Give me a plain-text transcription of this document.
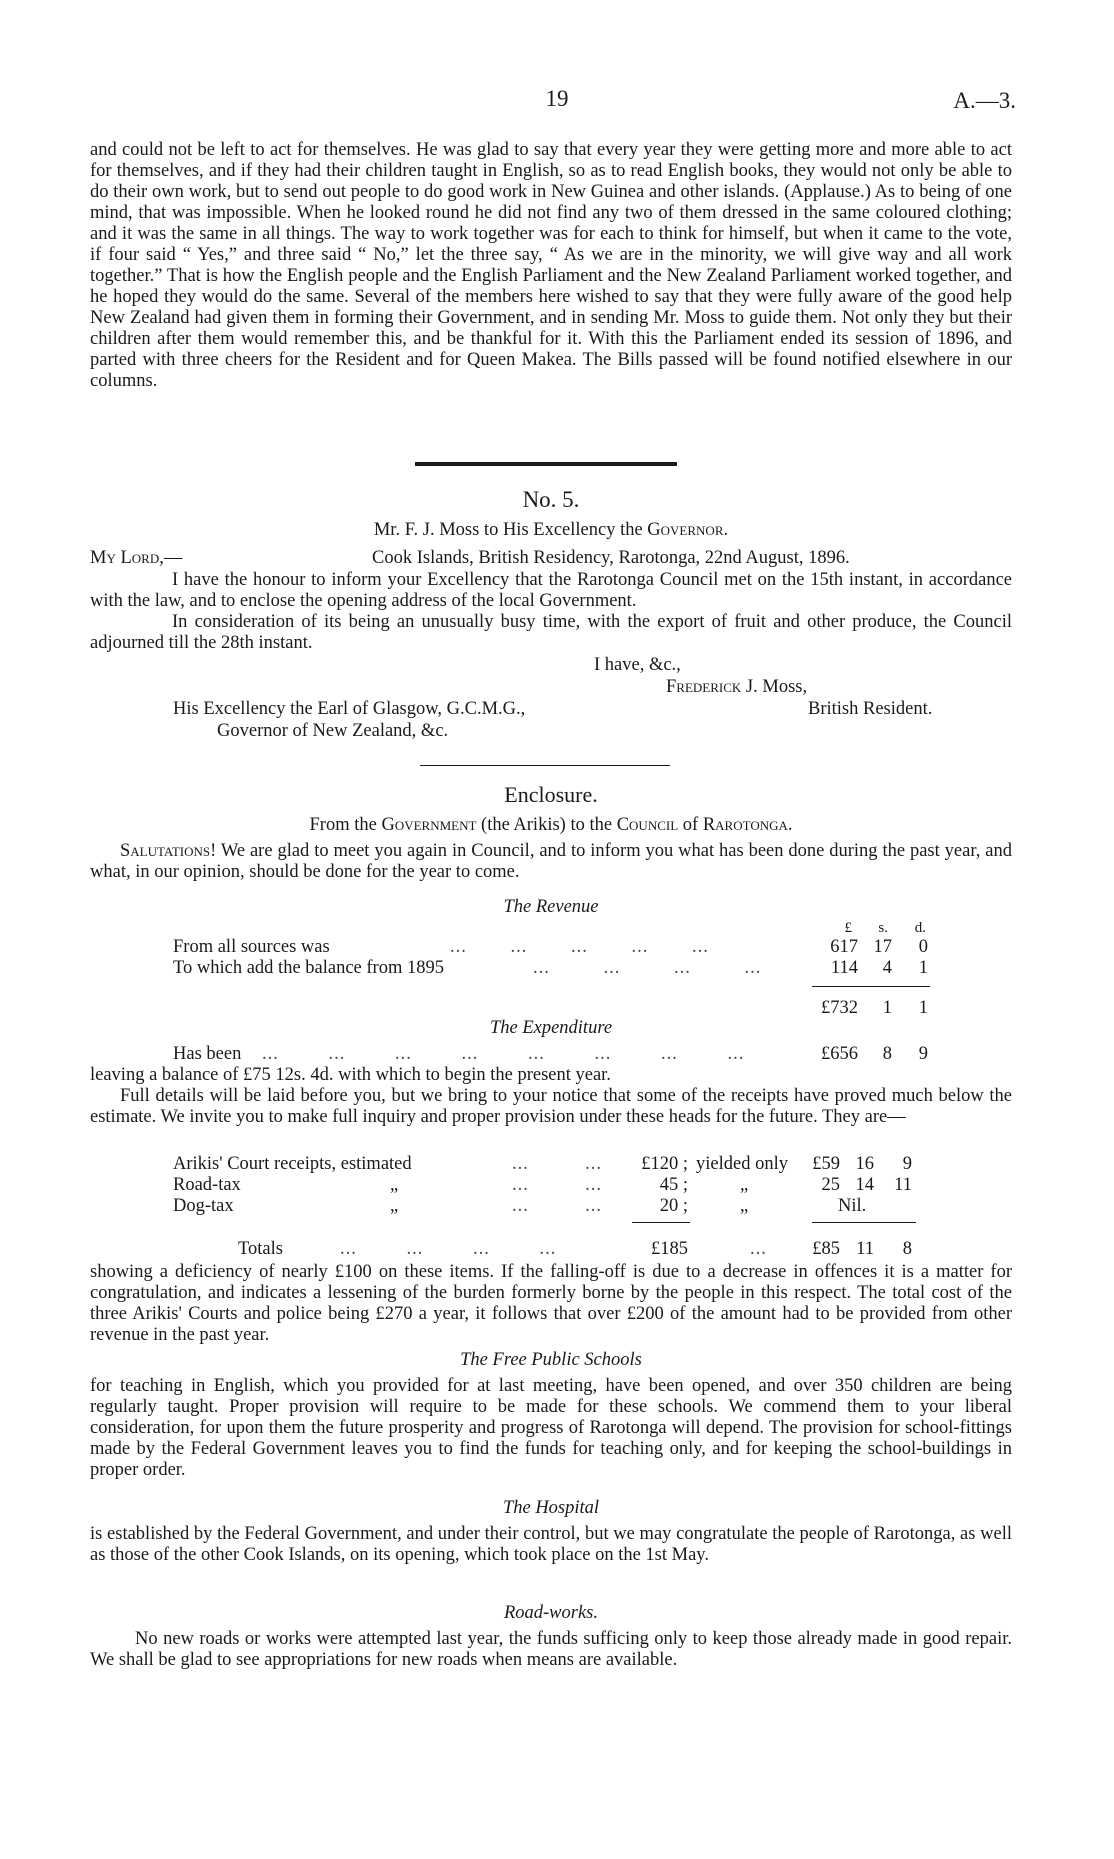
19	A.—3.

and could not be left to act for themselves. He was glad to say that every year they were getting more and more able to act for themselves, and if they had their children taught in English, so as to read English books, they would not only be able to do their own work, but to send out people to do good work in New Guinea and other islands. (Applause.) As to being of one mind, that was impossible. When he looked round he did not find any two of them dressed in the same coloured clothing; and it was the same in all things. The way to work together was for each to think for himself, but when it came to the vote, if four said “ Yes,” and three said “ No,” let the three say, “ As we are in the minority, we will give way and all work together.” That is how the English people and the English Parliament and the New Zealand Parliament worked together, and he hoped they would do the same. Several of the members here wished to say that they were fully aware of the good help New Zealand had given them in forming their Government, and in sending Mr. Moss to guide them. Not only they but their children after them would remember this, and be thankful for it. With this the Parliament ended its session of 1896, and parted with three cheers for the Resident and for Queen Makea. The Bills passed will be found notified elsewhere in our columns.

No. 5.
Mr. F. J. Moss to His Excellency the Governor.
My Lord,—	Cook Islands, British Residency, Rarotonga, 22nd August, 1896.

I have the honour to inform your Excellency that the Rarotonga Council met on the 15th instant, in accordance with the law, and to enclose the opening address of the local Government.

In consideration of its being an unusually busy time, with the export of fruit and other produce, the Council adjourned till the 28th instant.

I have, &c.,
Frederick J. Moss,
His Excellency the Earl of Glasgow, G.C.M.G.,	British Resident.
Governor of New Zealand, &c.
Enclosure.
From the Government (the Arikis) to the Council of Rarotonga.

Salutations! We are glad to meet you again in Council, and to inform you what has been done during the past year, and what, in our opinion, should be done for the year to come.

The Revenue
£	s.	d.
From all sources was	... ... ... ... ...	617 17	0
To which add the balance from 1895	... ... ... ...	114	4	1
£732	1	1
The Expenditure
Has been ... ... ... ... ... ... ... ...	£656	8	9

leaving a balance of £75 12s. 4d. with which to begin the present year.

Full details will be laid before you, but we bring to your notice that some of the receipts have proved much below the estimate. We invite you to make full inquiry and proper provision under these heads for the future. They are—

Arikis' Court receipts, estimated	...          ...	£120 ; yielded only	£59 16	9
Road-tax	„	...          ...	45 ;	„	25 14	11
Dog-tax	„	...          ...	20 ;	„	Nil.
Totals	... ... ... ...	£185	...	£85 11	8

showing a deficiency of nearly £100 on these items. If the falling-off is due to a decrease in offences it is a matter for congratulation, and indicates a lessening of the burden formerly borne by the people in this respect. The total cost of the three Arikis' Courts and police being £270 a year, it follows that over £200 of the amount had to be provided from other revenue in the past year.

The Free Public Schools

for teaching in English, which you provided for at last meeting, have been opened, and over 350 children are being regularly taught. Proper provision will require to be made for these schools. We commend them to your liberal consideration, for upon them the future prosperity and progress of Rarotonga will depend. The provision for school-fittings made by the Federal Government leaves you to find the funds for teaching only, and for keeping the school-buildings in proper order.

The Hospital

is established by the Federal Government, and under their control, but we may congratulate the people of Rarotonga, as well as those of the other Cook Islands, on its opening, which took place on the 1st May.

Road-works.

No new roads or works were attempted last year, the funds sufficing only to keep those already made in good repair. We shall be glad to see appropriations for new roads when means are available.
